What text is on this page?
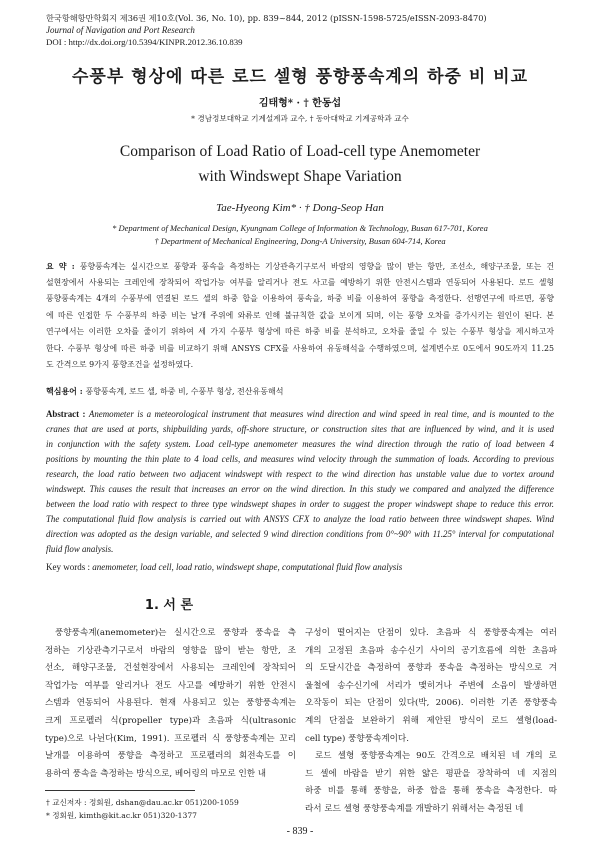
한국항해항만학회지 제36권 제10호(Vol. 36, No. 10), pp. 839~844, 2012 (pISSN-1598-5725/eISSN-2093-8470)
Journal of Navigation and Port Research
DOI : http://dx.doi.org/10.5394/KINPR.2012.36.10.839
수풍부 형상에 따른 로드 셀형 풍향풍속계의 하중 비 비교
김태형* · † 한동섭
* 경남정보대학교 기계설계과 교수, † 동아대학교 기계공학과 교수
Comparison of Load Ratio of Load-cell type Anemometer
with Windswept Shape Variation
Tae-Hyeong Kim* · † Dong-Seop Han
* Department of Mechanical Design, Kyungnam College of Information & Technology, Busan 617-701, Korea
† Department of Mechanical Engineering, Dong-A University, Busan 604-714, Korea
요 약 : 풍향풍속계는 실시간으로 풍향과 풍속을 측정하는 기상관측기구로서 바람의 영향을 많이 받는 항만, 조선소, 해양구조물, 또는 건
설현장에서 사용되는 크레인에 장착되어 작업가능 여부를 알리거나 전도 사고를 예방하기 위한 안전시스템과 연동되어 사용된다. 로드 셀형
풍향풍속계는 4개의 수풍부에 연결된 로드 셀의 하중 합을 이용하여 풍속을, 하중 비를 이용하여 풍향을 측정한다. 선행연구에 따르면, 풍향
에 따른 인접한 두 수풍부의 하중 비는 날개 주위에 와류로 인해 불규칙한 값을 보이게 되며, 이는 풍향 오차를 증가시키는 원인이 된다. 본
연구에서는 이러한 오차를 줄이기 위하여 세 가지 수풍부 형상에 따른 하중 비를 분석하고, 오차를 줄일 수 있는 수풍부 형상을 제시하고자
한다. 수풍부 형상에 따른 하중 비를 비교하기 위해 ANSYS CFX를 사용하여 유동해석을 수행하였으며, 설계변수로 0도에서 90도까지 11.25
도 간격으로 9가지 풍향조건을 설정하였다.
핵심용어 : 풍향풍속계, 로드 셀, 하중 비, 수풍부 형상, 전산유동해석
Abstract : Anemometer is a meteorological instrument that measures wind direction and wind speed in real time, and is mounted to the
cranes that are used at ports, shipbuilding yards, off-shore structure, or construction sites that are influenced by wind, and it is used
in conjunction with the safety system. Load cell-type anemometer measures the wind direction through the ratio of load between 4
positions by mounting the thin plate to 4 load cells, and measures wind velocity through the summation of loads. According to previous
research, the load ratio between two adjacent windswept with respect to the wind direction has unstable value due to vortex around
windswept. This causes the result that increases an error on the wind direction. In this study we compared and analyzed the difference
between the load ratio with respect to three type windswept shapes in order to suggest the proper windswept shape to reduce this error.
The computational fluid flow analysis is carried out with ANSYS CFX to analyze the load ratio between three windswept shapes. Wind
direction was adopted as the design variable, and selected 9 wind direction conditions from 0°~90° with 11.25° interval for computational
fluid flow analysis.
Key words : anemometer, load cell, load ratio, windswept shape, computational fluid flow analysis
1. 서 론
풍향풍속계(anemometer)는 실시간으로 풍향과 풍속을 측
정하는 기상관측기구로서 바람의 영향을 많이 받는 항만, 조
선소, 해양구조물, 건설현장에서 사용되는 크레인에 장착되어
작업가능 여부를 알리거나 전도 사고를 예방하기 위한 안전시
스템과 연동되어 사용된다. 현재 사용되고 있는 풍향풍속계는
크게 프로펠러 식(propeller type)과 초음파 식(ultrasonic
type)으로 나뉜다(Kim, 1991). 프로펠러 식 풍향풍속계는 꼬리
날개를 이용하여 풍향을 측정하고 프로펠러의 회전속도를 이
용하여 풍속을 측정하는 방식으로, 베어링의 마모로 인한 내
구성이 떨어지는 단점이 있다. 초음파 식 풍향풍속계는 여러
개의 고정된 초음파 송수신기 사이의 공기흐름에 의한 초음파
의 도달시간을 측정하여 풍향과 풍속을 측정하는 방식으로 겨
울철에 송수신기에 서리가 맺히거나 주변에 소음이 발생하면
오작동이 되는 단점이 있다(박, 2006). 이러한 기존 풍향풍속
계의 단점을 보완하기 위해 제안된 방식이 로드 셀형(load-
cell type) 풍향풍속계이다.
로드 셀형 풍향풍속계는 90도 간격으로 배치된 네 개의 로
드 셀에 바람을 받기 위한 얇은 평판을 장착하여 네 지점의
하중 비를 통해 풍향을, 하중 합을 통해 풍속을 측정한다. 따
라서 로드 셀형 풍향풍속계를 개발하기 위해서는 측정된 네
† 교신저자 : 정회원, dshan@dau.ac.kr 051)200-1059
* 정회원, kimth@kit.ac.kr 051)320-1377
- 839 -
